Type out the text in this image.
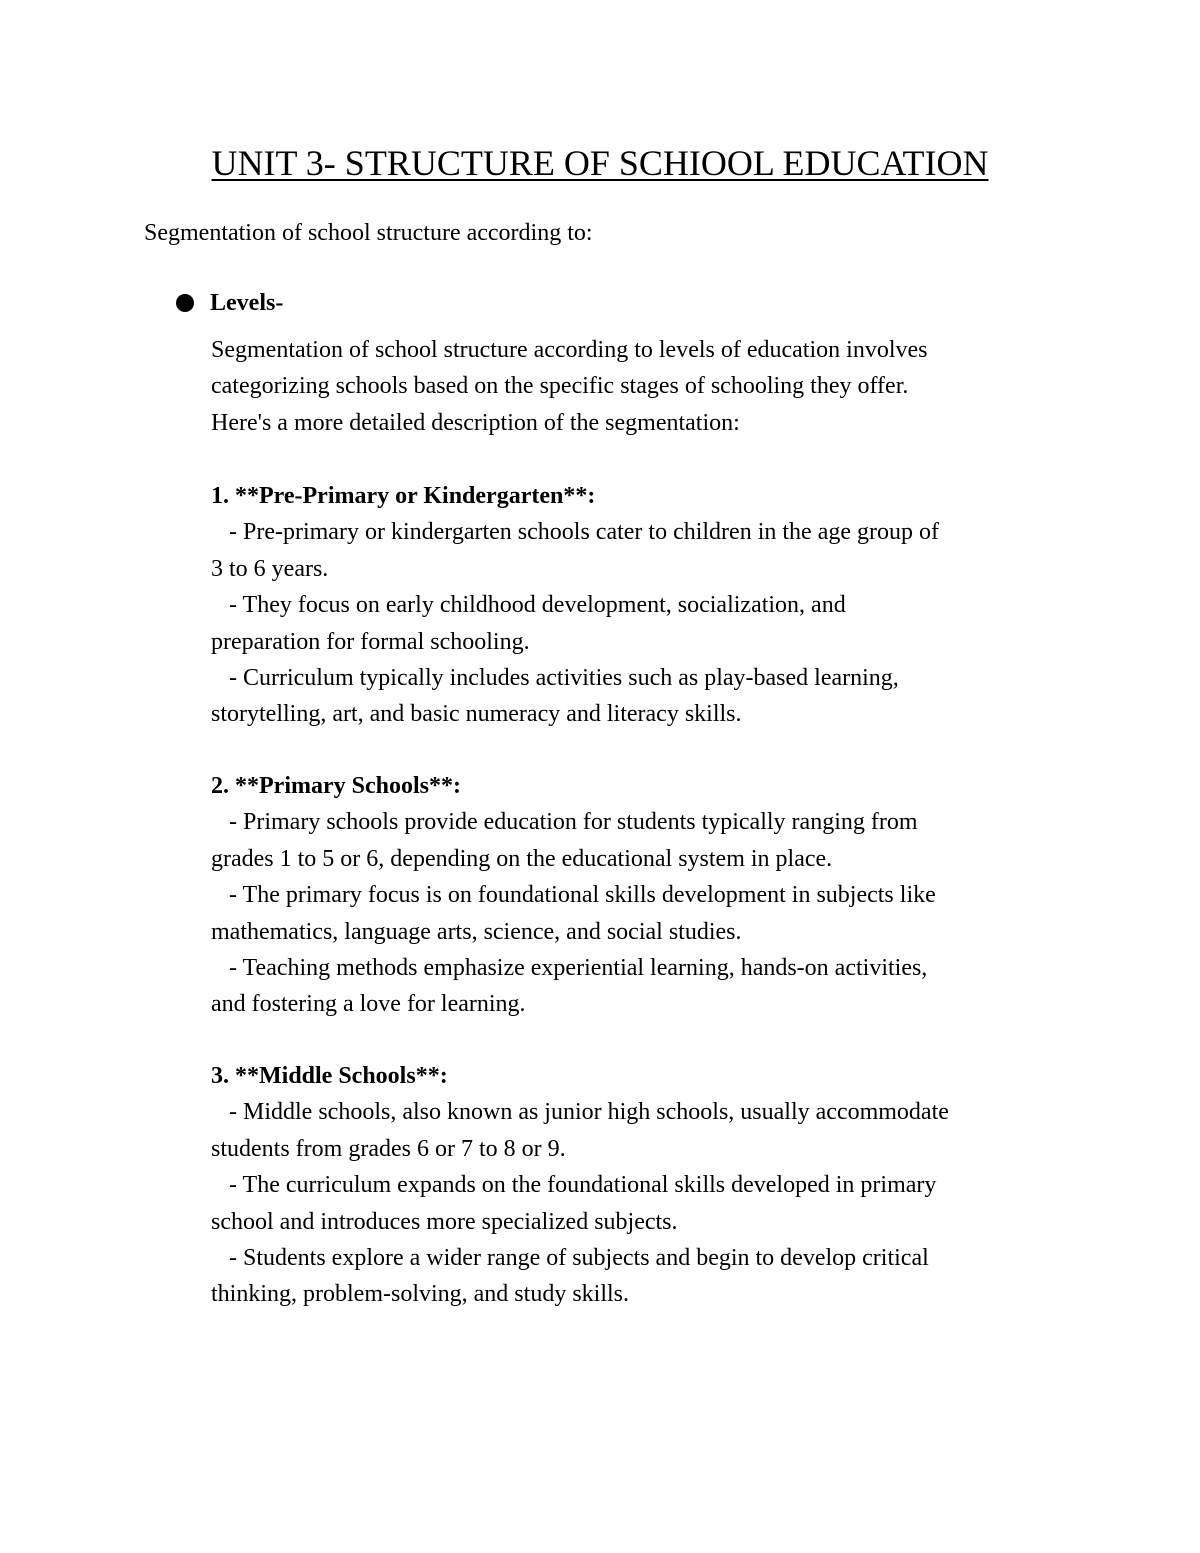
UNIT 3- STRUCTURE OF SCHIOOL EDUCATION
Segmentation of school structure according to:
Levels-

Segmentation of school structure according to levels of education involves

categorizing schools based on the specific stages of schooling they offer.

Here's a more detailed description of the segmentation:

1. **Pre-Primary or Kindergarten**:

- Pre-primary or kindergarten schools cater to children in the age group of

3 to 6 years.

- They focus on early childhood development, socialization, and

preparation for formal schooling.

- Curriculum typically includes activities such as play-based learning,

storytelling, art, and basic numeracy and literacy skills.

2. **Primary Schools**:

- Primary schools provide education for students typically ranging from

grades 1 to 5 or 6, depending on the educational system in place.

- The primary focus is on foundational skills development in subjects like

mathematics, language arts, science, and social studies.

- Teaching methods emphasize experiential learning, hands-on activities,

and fostering a love for learning.

3. **Middle Schools**:

- Middle schools, also known as junior high schools, usually accommodate

students from grades 6 or 7 to 8 or 9.

- The curriculum expands on the foundational skills developed in primary

school and introduces more specialized subjects.

- Students explore a wider range of subjects and begin to develop critical

thinking, problem-solving, and study skills.
